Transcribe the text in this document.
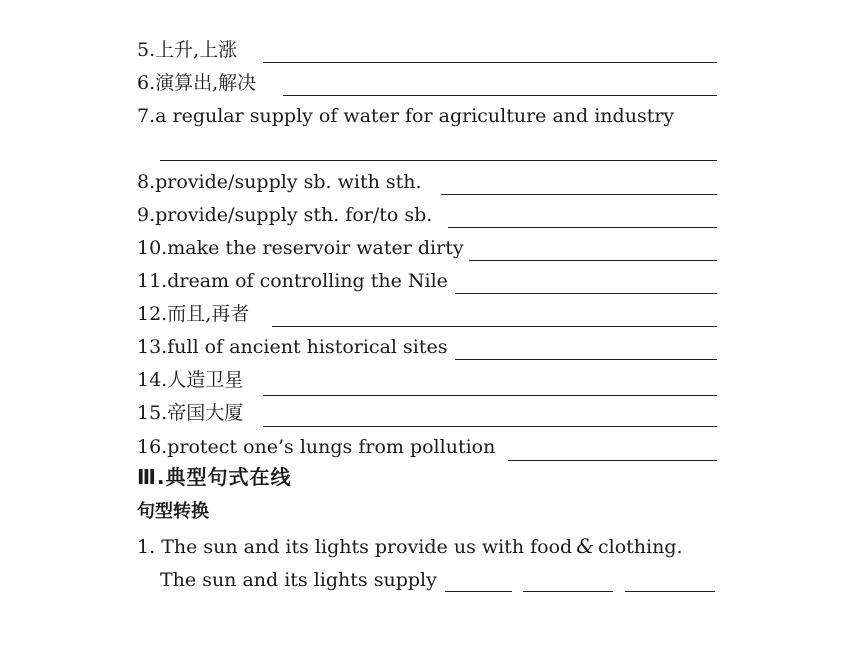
5.上升,上涨
6.演算出,解决
7.a regular supply of water for agriculture and industry
8.provide/supply sb. with sth.
9.provide/supply sth. for/to sb.
10.make the reservoir water dirty
11.dream of controlling the Nile
12.而且,再者
13.full of ancient historical sites
14.人造卫星
15.帝国大厦
16.protect one’s lungs from pollution
Ⅲ.典型句式在线
句型转换
1. The sun and its lights provide us with food & clothing.
The sun and its lights supply
